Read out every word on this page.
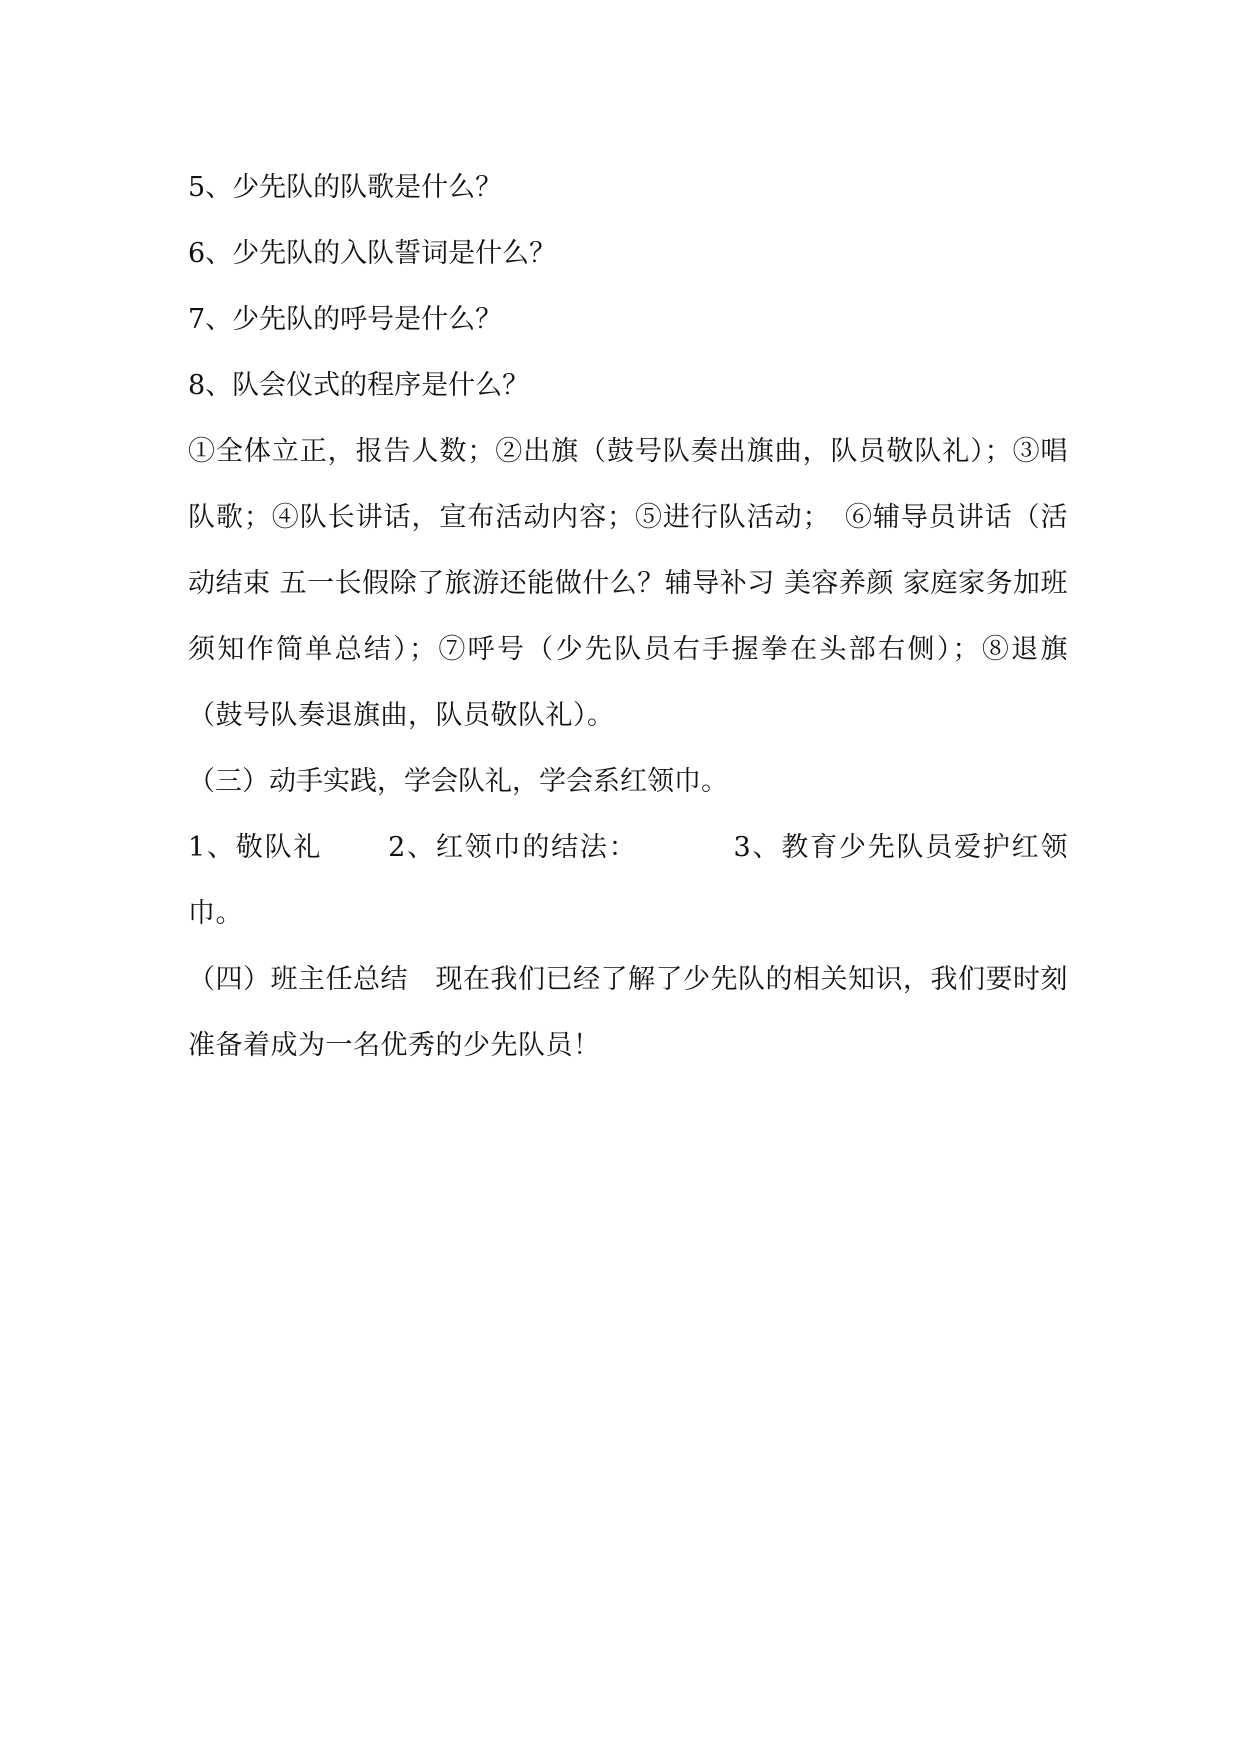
5、少先队的队歌是什么？

6、少先队的入队誓词是什么？

7、少先队的呼号是什么？

8、队会仪式的程序是什么？

①全体立正，报告人数；②出旗（鼓号队奏出旗曲，队员敬队礼）；③唱队歌；④队长讲话，宣布活动内容；⑤进行队活动；　⑥辅导员讲话（活动结束 五一长假除了旅游还能做什么？辅导补习 美容养颜 家庭家务加班须知作简单总结）；⑦呼号（少先队员右手握拳在头部右侧）；⑧退旗（鼓号队奏退旗曲，队员敬队礼）。

（三）动手实践，学会队礼，学会系红领巾。

1、敬队礼 2、红领巾的结法：	3、教育少先队员爱护红领巾。

（四）班主任总结　现在我们已经了解了少先队的相关知识，我们要时刻准备着成为一名优秀的少先队员！
